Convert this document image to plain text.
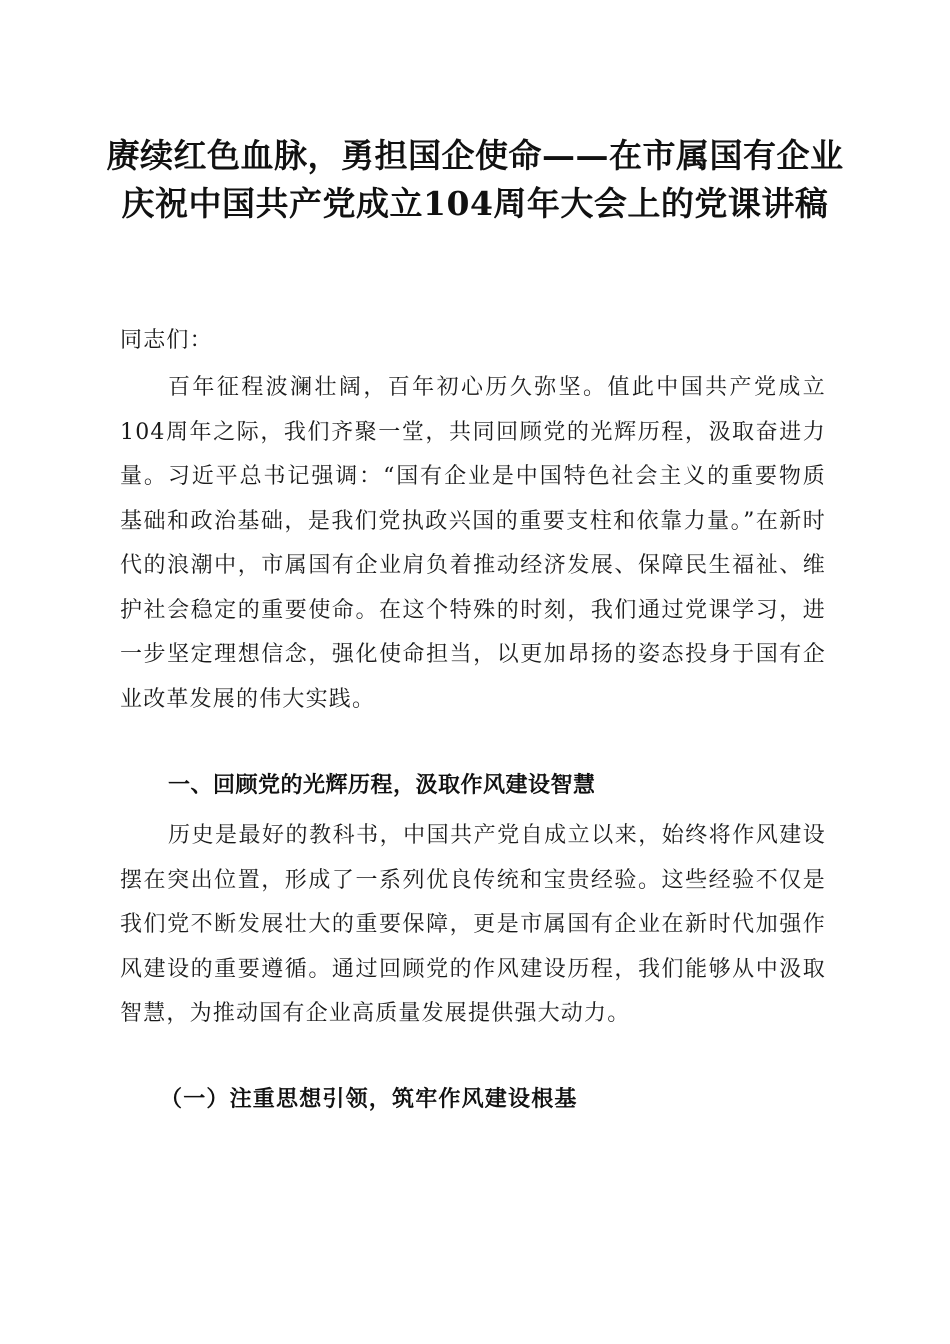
赓续红色血脉，勇担国企使命——在市属国有企业庆祝中国共产党成立104周年大会上的党课讲稿

同志们：

百年征程波澜壮阔，百年初心历久弥坚。值此中国共产党成立104周年之际，我们齐聚一堂，共同回顾党的光辉历程，汲取奋进力量。习近平总书记强调：“国有企业是中国特色社会主义的重要物质基础和政治基础，是我们党执政兴国的重要支柱和依靠力量。”在新时代的浪潮中，市属国有企业肩负着推动经济发展、保障民生福祉、维护社会稳定的重要使命。在这个特殊的时刻，我们通过党课学习，进一步坚定理想信念，强化使命担当，以更加昂扬的姿态投身于国有企业改革发展的伟大实践。

一、回顾党的光辉历程，汲取作风建设智慧

历史是最好的教科书，中国共产党自成立以来，始终将作风建设摆在突出位置，形成了一系列优良传统和宝贵经验。这些经验不仅是我们党不断发展壮大的重要保障，更是市属国有企业在新时代加强作风建设的重要遵循。通过回顾党的作风建设历程，我们能够从中汲取智慧，为推动国有企业高质量发展提供强大动力。

（一）注重思想引领，筑牢作风建设根基
